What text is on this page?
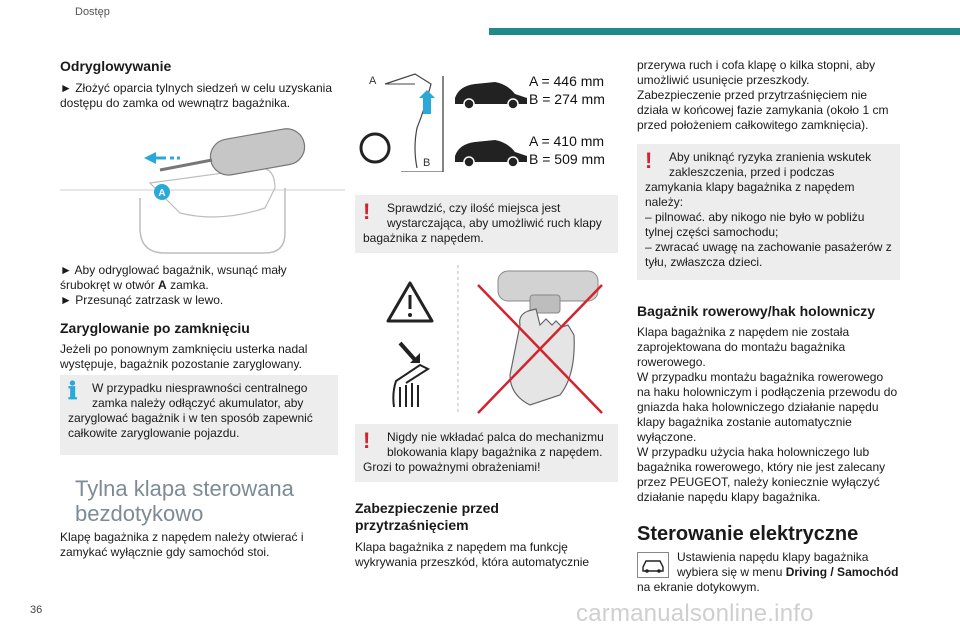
Dostęp
36	carmanualsonline.info
Odryglowywanie

► Złożyć oparcia tylnych siedzeń w celu uzyskania dostępu do zamka od wewnątrz bagażnika.

A

► Aby odryglować bagażnik, wsunąć mały
śrubokręt w otwór A zamka.
► Przesunąć zatrzask w lewo.

Zaryglowanie po zamknięciu

Jeżeli po ponownym zamknięciu usterka nadal występuje, bagażnik pozostanie zaryglowany.

ℹ	W przypadku niesprawności centralnego zamka należy odłączyć akumulator, aby
zaryglować bagażnik i w ten sposób zapewnić całkowite zaryglowanie pojazdu.
Tylna klapa sterowana bezdotykowo

Klapę bagażnika z napędem należy otwierać i zamykać wyłącznie gdy samochód stoi.

A
B
A = 446 mm
B = 274 mm
A = 410 mm
B = 509 mm
!	Sprawdzić, czy ilość miejsca jest wystarczająca, aby umożliwić ruch klapy
bagażnika z napędem.
!	Nigdy nie wkładać palca do mechanizmu blokowania klapy bagażnika z napędem.
Grozi to poważnymi obrażeniami!
Zabezpieczenie przed przytrzaśnięciem

Klapa bagażnika z napędem ma funkcję wykrywania przeszkód, która automatycznie

przerywa ruch i cofa klapę o kilka stopni, aby umożliwić usunięcie przeszkody.

Zabezpieczenie przed przytrzaśnięciem nie działa w końcowej fazie zamykania (około 1 cm przed położeniem całkowitego zamknięcia).

!	Aby uniknąć ryzyka zranienia wskutek zakleszczenia, przed i podczas
zamykania klapy bagażnika z napędem należy:
– pilnować. aby nikogo nie było w pobliżu tylnej części samochodu;
– zwracać uwagę na zachowanie pasażerów z tyłu, zwłaszcza dzieci.
Bagażnik rowerowy/hak holowniczy

Klapa bagażnika z napędem nie została zaprojektowana do montażu bagażnika rowerowego.

W przypadku montażu bagażnika rowerowego na haku holowniczym i podłączenia przewodu do gniazda haka holowniczego działanie napędu klapy bagażnika zostanie automatycznie wyłączone.

W przypadku użycia haka holowniczego lub bagażnika rowerowego, który nie jest zalecany przez PEUGEOT, należy koniecznie wyłączyć działanie napędu klapy bagażnika.

Sterowanie elektryczne

Ustawienia napędu klapy bagażnika wybiera się w menu Driving / Samochód

na ekranie dotykowym.
